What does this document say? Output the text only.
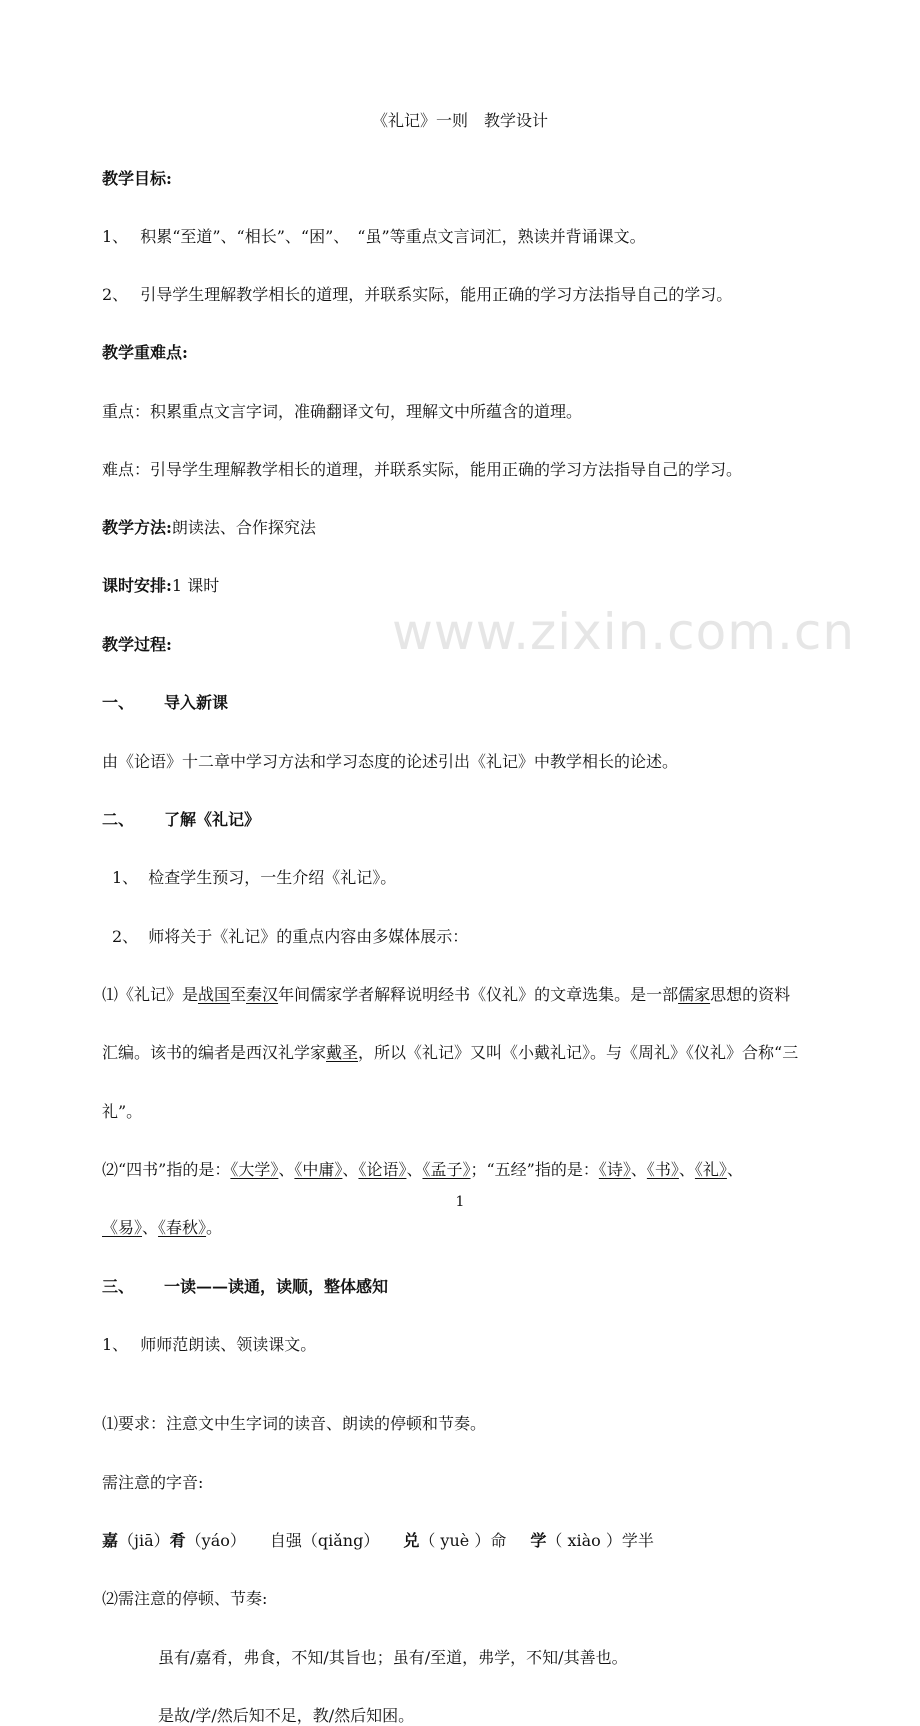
www.zixin.com.cn
《礼记》一则　教学设计
教学目标:
1、 积累“至道”、“相长”、“困”、　“虽”等重点文言词汇，熟读并背诵课文。
2、 引导学生理解教学相长的道理，并联系实际，能用正确的学习方法指导自己的学习。
教学重难点:
重点：积累重点文言字词，准确翻译文句，理解文中所蕴含的道理。
难点：引导学生理解教学相长的道理，并联系实际，能用正确的学习方法指导自己的学习。
教学方法:朗读法、合作探究法
课时安排:1 课时
教学过程:
一、 导入新课
由《论语》十二章中学习方法和学习态度的论述引出《礼记》中教学相长的论述。
二、 了解《礼记》
1、 检查学生预习，一生介绍《礼记》。
2、 师将关于《礼记》的重点内容由多媒体展示：
⑴《礼记》是战国至秦汉年间儒家学者解释说明经书《仪礼》的文章选集。是一部儒家思想的资料
汇编。该书的编者是西汉礼学家戴圣，所以《礼记》又叫《小戴礼记》。与《周礼》《仪礼》合称“三
礼”。
⑵“四书”指的是：《大学》、《中庸》、《论语》、《孟子》；“五经”指的是：《诗》、《书》、《礼》、
《易》、《春秋》。
三、 一读——读通，读顺，整体感知
1、 师师范朗读、领读课文。
⑴要求：注意文中生字词的读音、朗读的停顿和节奏。
需注意的字音:
嘉（jiā）肴（yáo） 自强（qiǎng） 兑（ yuè ）命 学（ xiào ）学半
⑵需注意的停顿、节奏:
虽有/嘉肴，弗食，不知/其旨也；虽有/至道，弗学，不知/其善也。
是故/学/然后知不足，教/然后知困。
1
